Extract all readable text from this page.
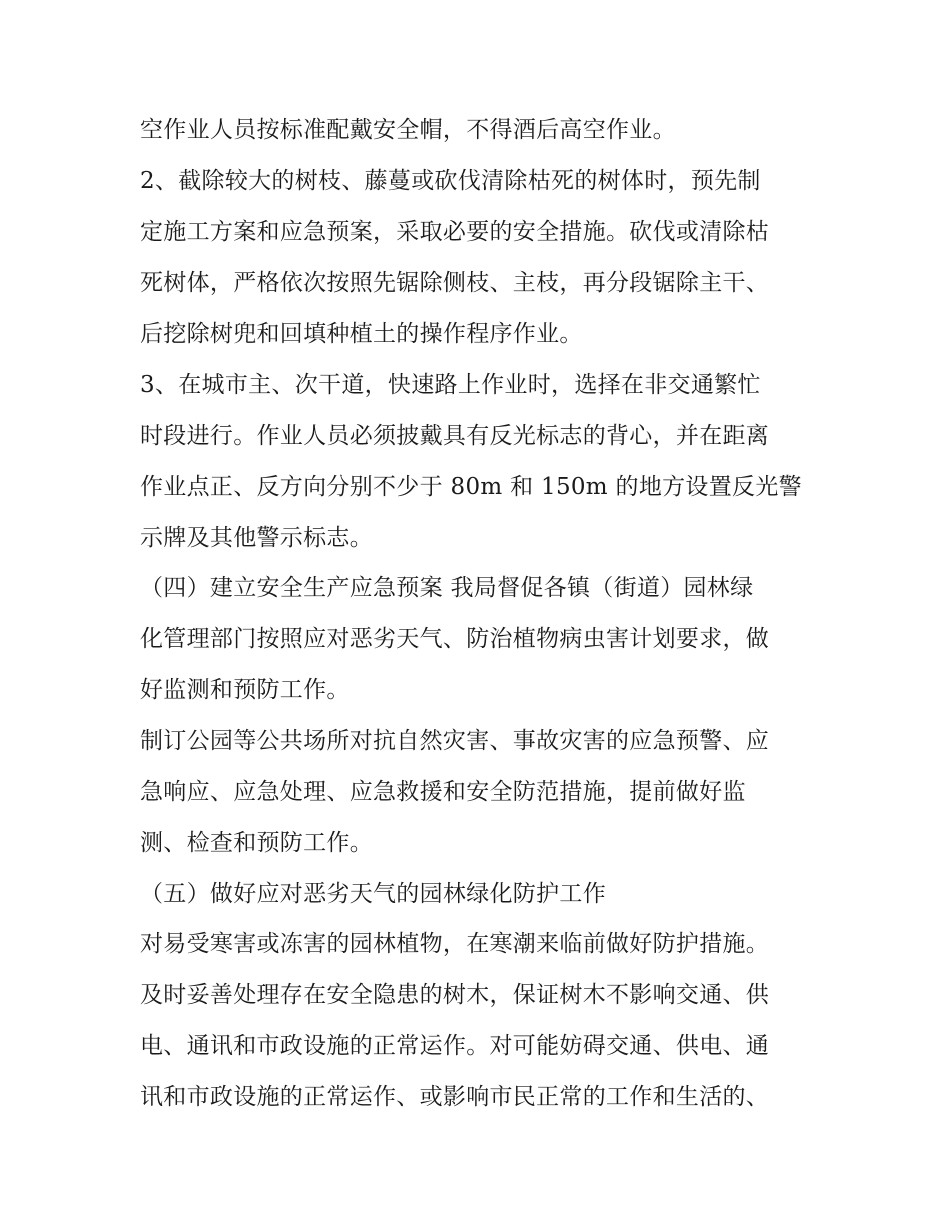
空作业人员按标准配戴安全帽，不得酒后高空作业。
2、截除较大的树枝、藤蔓或砍伐清除枯死的树体时，预先制
定施工方案和应急预案，采取必要的安全措施。砍伐或清除枯
死树体，严格依次按照先锯除侧枝、主枝，再分段锯除主干、
后挖除树兜和回填种植土的操作程序作业。
3、在城市主、次干道，快速路上作业时，选择在非交通繁忙
时段进行。作业人员必须披戴具有反光标志的背心，并在距离
作业点正、反方向分别不少于 80m 和 150m 的地方设置反光警
示牌及其他警示标志。
（四）建立安全生产应急预案 我局督促各镇（街道）园林绿
化管理部门按照应对恶劣天气、防治植物病虫害计划要求，做
好监测和预防工作。
制订公园等公共场所对抗自然灾害、事故灾害的应急预警、应
急响应、应急处理、应急救援和安全防范措施，提前做好监
测、检查和预防工作。
（五）做好应对恶劣天气的园林绿化防护工作
对易受寒害或冻害的园林植物，在寒潮来临前做好防护措施。
及时妥善处理存在安全隐患的树木，保证树木不影响交通、供
电、通讯和市政设施的正常运作。对可能妨碍交通、供电、通
讯和市政设施的正常运作、或影响市民正常的工作和生活的、
